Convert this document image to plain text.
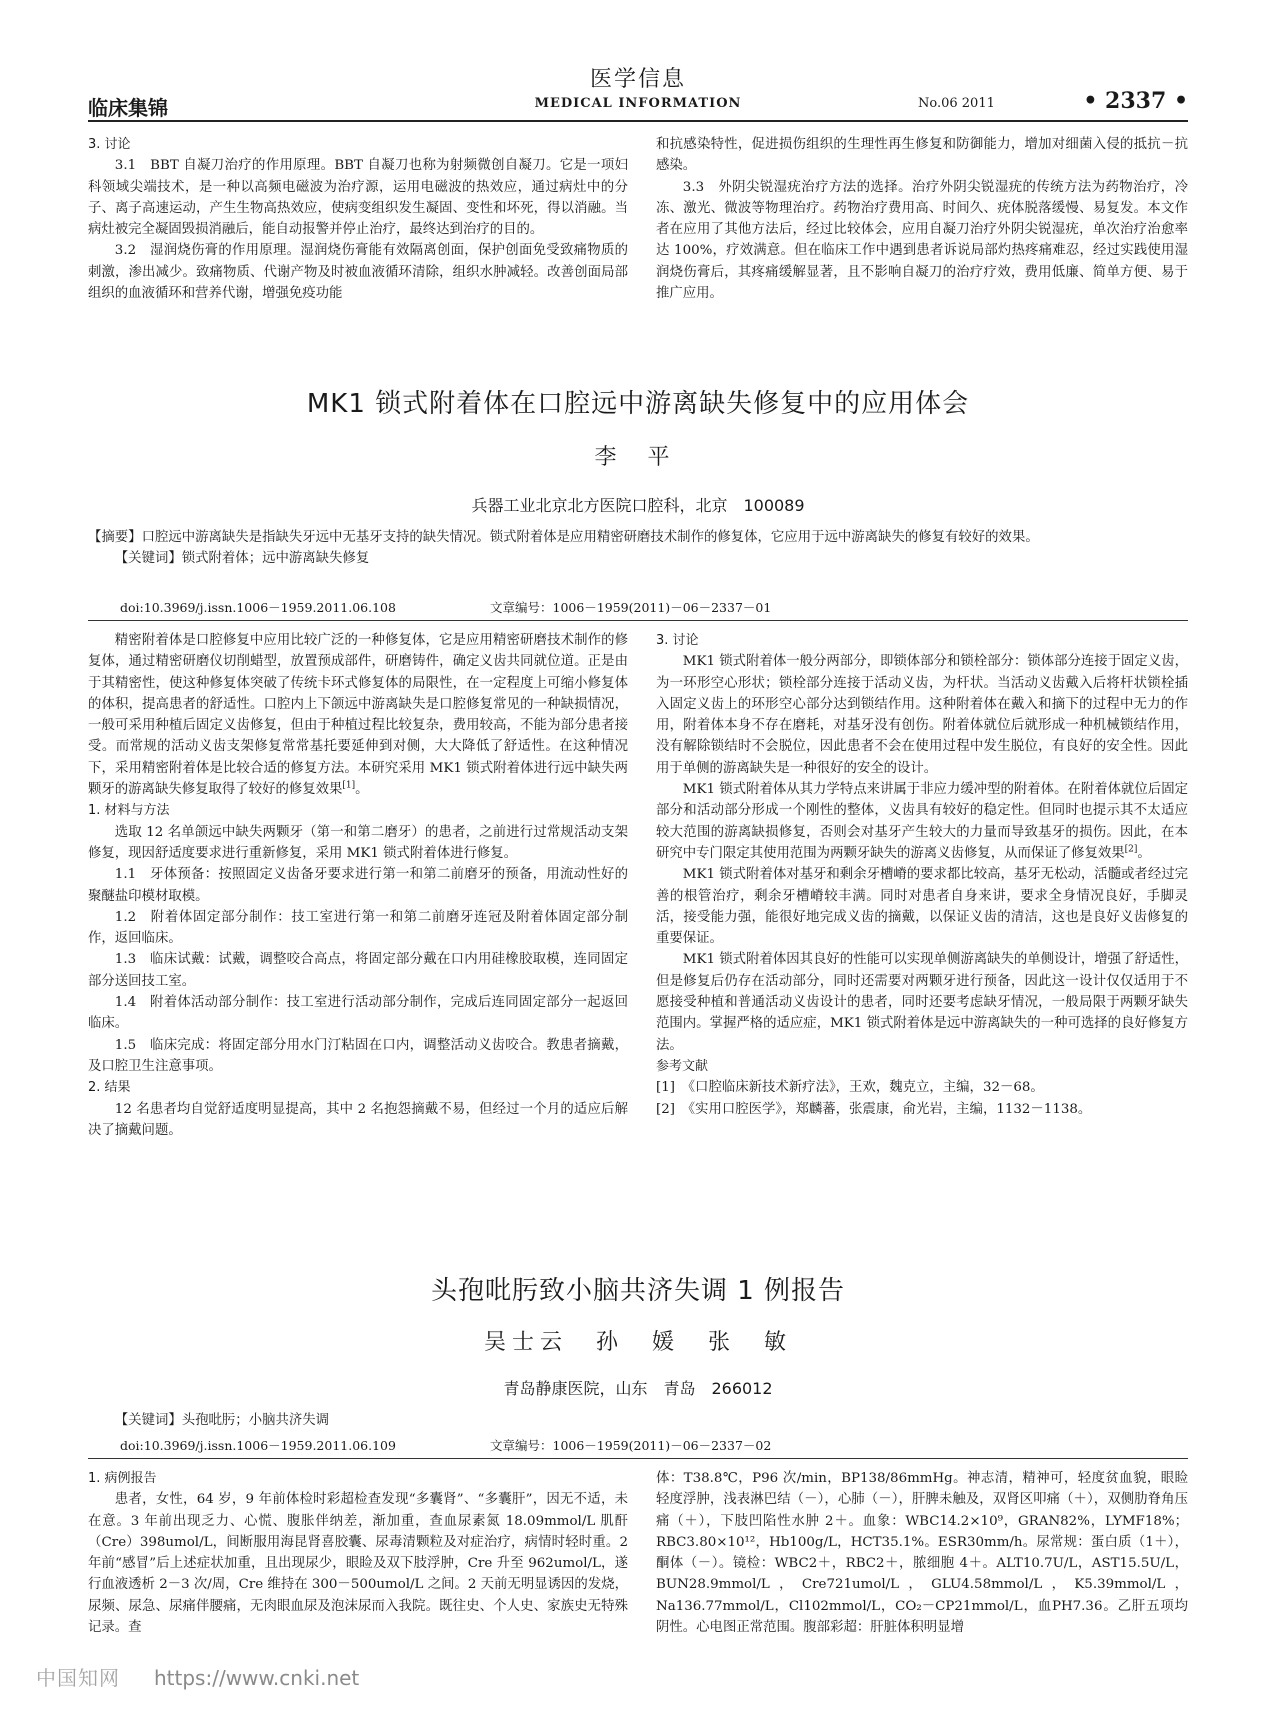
医学信息
临床集锦	MEDICAL INFORMATION	No.06 2011	• 2337 •

3. 讨论

3.1　BBT 自凝刀治疗的作用原理。BBT 自凝刀也称为射频微创自凝刀。它是一项妇科领域尖端技术，是一种以高频电磁波为治疗源，运用电磁波的热效应，通过病灶中的分子、离子高速运动，产生生物高热效应，使病变组织发生凝固、变性和坏死，得以消融。当病灶被完全凝固毁损消融后，能自动报警并停止治疗，最终达到治疗的目的。

3.2　湿润烧伤膏的作用原理。湿润烧伤膏能有效隔离创面，保护创面免受致痛物质的刺激，渗出减少。致痛物质、代谢产物及时被血液循环清除，组织水肿减轻。改善创面局部组织的血液循环和营养代谢，增强免疫功能

和抗感染特性，促进损伤组织的生理性再生修复和防御能力，增加对细菌入侵的抵抗－抗感染。

3.3　外阴尖锐湿疣治疗方法的选择。治疗外阴尖锐湿疣的传统方法为药物治疗，冷冻、激光、微波等物理治疗。药物治疗费用高、时间久、疣体脱落缓慢、易复发。本文作者在应用了其他方法后，经过比较体会，应用自凝刀治疗外阴尖锐湿疣，单次治疗治愈率达 100%，疗效满意。但在临床工作中遇到患者诉说局部灼热疼痛难忍，经过实践使用湿润烧伤膏后，其疼痛缓解显著，且不影响自凝刀的治疗疗效，费用低廉、简单方便、易于推广应用。

MK1 锁式附着体在口腔远中游离缺失修复中的应用体会
李 平
兵器工业北京北方医院口腔科，北京　100089

【摘要】口腔远中游离缺失是指缺失牙远中无基牙支持的缺失情况。锁式附着体是应用精密研磨技术制作的修复体，它应用于远中游离缺失的修复有较好的效果。

【关键词】锁式附着体；远中游离缺失修复

doi:10.3969/j.issn.1006－1959.2011.06.108	文章编号：1006－1959(2011)－06－2337－01

精密附着体是口腔修复中应用比较广泛的一种修复体，它是应用精密研磨技术制作的修复体，通过精密研磨仪切削蜡型，放置预成部件，研磨铸件，确定义齿共同就位道。正是由于其精密性，使这种修复体突破了传统卡环式修复体的局限性，在一定程度上可缩小修复体的体积，提高患者的舒适性。口腔内上下颌远中游离缺失是口腔修复常见的一种缺损情况，一般可采用种植后固定义齿修复，但由于种植过程比较复杂，费用较高，不能为部分患者接受。而常规的活动义齿支架修复常常基托要延伸到对侧，大大降低了舒适性。在这种情况下，采用精密附着体是比较合适的修复方法。本研究采用 MK1 锁式附着体进行远中缺失两颗牙的游离缺失修复取得了较好的修复效果[1]。

1. 材料与方法

选取 12 名单颌远中缺失两颗牙（第一和第二磨牙）的患者，之前进行过常规活动支架修复，现因舒适度要求进行重新修复，采用 MK1 锁式附着体进行修复。

1.1　牙体预备：按照固定义齿备牙要求进行第一和第二前磨牙的预备，用流动性好的聚醚盐印模材取模。

1.2　附着体固定部分制作：技工室进行第一和第二前磨牙连冠及附着体固定部分制作，返回临床。

1.3　临床试戴：试戴，调整咬合高点，将固定部分戴在口内用硅橡胶取模，连同固定部分送回技工室。

1.4　附着体活动部分制作：技工室进行活动部分制作，完成后连同固定部分一起返回临床。

1.5　临床完成：将固定部分用水门汀粘固在口内，调整活动义齿咬合。教患者摘戴，及口腔卫生注意事项。

2. 结果

12 名患者均自觉舒适度明显提高，其中 2 名抱怨摘戴不易，但经过一个月的适应后解决了摘戴问题。

3. 讨论

MK1 锁式附着体一般分两部分，即锁体部分和锁栓部分：锁体部分连接于固定义齿，为一环形空心形状；锁栓部分连接于活动义齿，为杆状。当活动义齿戴入后将杆状锁栓插入固定义齿上的环形空心部分达到锁结作用。这种附着体在戴入和摘下的过程中无力的作用，附着体本身不存在磨耗，对基牙没有创伤。附着体就位后就形成一种机械锁结作用，没有解除锁结时不会脱位，因此患者不会在使用过程中发生脱位，有良好的安全性。因此用于单侧的游离缺失是一种很好的安全的设计。

MK1 锁式附着体从其力学特点来讲属于非应力缓冲型的附着体。在附着体就位后固定部分和活动部分形成一个刚性的整体，义齿具有较好的稳定性。但同时也提示其不太适应较大范围的游离缺损修复，否则会对基牙产生较大的力量而导致基牙的损伤。因此，在本研究中专门限定其使用范围为两颗牙缺失的游离义齿修复，从而保证了修复效果[2]。

MK1 锁式附着体对基牙和剩余牙槽嵴的要求都比较高，基牙无松动，活髓或者经过完善的根管治疗，剩余牙槽嵴较丰满。同时对患者自身来讲，要求全身情况良好，手脚灵活，接受能力强，能很好地完成义齿的摘戴，以保证义齿的清洁，这也是良好义齿修复的重要保证。

MK1 锁式附着体因其良好的性能可以实现单侧游离缺失的单侧设计，增强了舒适性，但是修复后仍存在活动部分，同时还需要对两颗牙进行预备，因此这一设计仅仅适用于不愿接受种植和普通活动义齿设计的患者，同时还要考虑缺牙情况，一般局限于两颗牙缺失范围内。掌握严格的适应症，MK1 锁式附着体是远中游离缺失的一种可选择的良好修复方法。

参考文献

[1]　《口腔临床新技术新疗法》，王欢，魏克立，主编，32－68。

[2]　《实用口腔医学》，郑麟蕃，张震康，俞光岩，主编，1132－1138。

头孢吡肟致小脑共济失调 1 例报告
吴士云　孙　媛　张　敏
青岛静康医院，山东　青岛　266012

【关键词】头孢吡肟；小脑共济失调

doi:10.3969/j.issn.1006－1959.2011.06.109	文章编号：1006－1959(2011)－06－2337－02

1. 病例报告

患者，女性，64 岁，9 年前体检时彩超检查发现“多囊肾”、“多囊肝”，因无不适，未在意。3 年前出现乏力、心慌、腹胀伴纳差，渐加重，查血尿素氮 18.09mmol/L 肌酐（Cre）398umol/L，间断服用海昆肾喜胶囊、尿毒清颗粒及对症治疗，病情时轻时重。2 年前“感冒”后上述症状加重，且出现尿少，眼睑及双下肢浮肿，Cre 升至 962umol/L，遂行血液透析 2－3 次/周，Cre 维持在 300－500umol/L 之间。2 天前无明显诱因的发烧，尿频、尿急、尿痛伴腰痛，无肉眼血尿及泡沫尿而入我院。既往史、个人史、家族史无特殊记录。查

体：T38.8℃，P96 次/min，BP138/86mmHg。神志清，精神可，轻度贫血貌，眼睑轻度浮肿，浅表淋巴结（－），心肺（－），肝脾未触及，双肾区叩痛（＋），双侧肋脊角压痛（＋），下肢凹陷性水肿 2＋。血象：WBC14.2×10⁹，GRAN82%，LYMF18%；RBC3.80×10¹²，Hb100g/L，HCT35.1%。ESR30mm/h。尿常规：蛋白质（1＋），酮体（－）。镜检：WBC2＋，RBC2＋，脓细胞 4＋。ALT10.7U/L，AST15.5U/L，BUN28.9mmol/L，Cre721umol/L，GLU4.58mmol/L，K5.39mmol/L，Na136.77mmol/L，Cl102mmol/L，CO₂－CP21mmol/L，血PH7.36。乙肝五项均阴性。心电图正常范围。腹部彩超：肝脏体积明显增

中国知网 https://www.cnki.net
